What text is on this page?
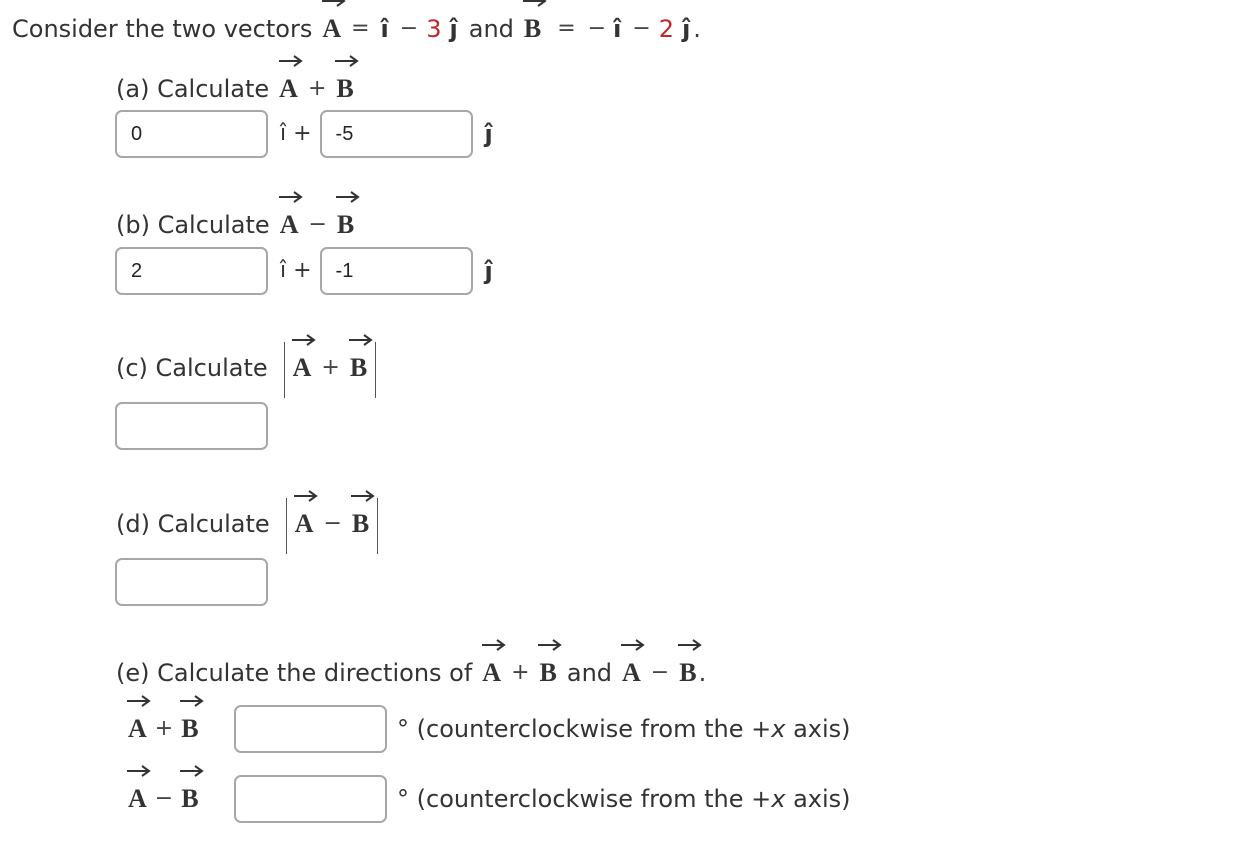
Consider the two vectors A = î − 3 ĵ and B = − î − 2 ĵ .
(a) Calculate A + B
0	î +	-5	ĵ
(b) Calculate A − B
2	î +	-1	ĵ
(c) Calculate A + B
(d) Calculate A − B
(e) Calculate the directions of A + B and A − B .
A + B	° (counterclockwise from the +x axis)
A − B	° (counterclockwise from the +x axis)
